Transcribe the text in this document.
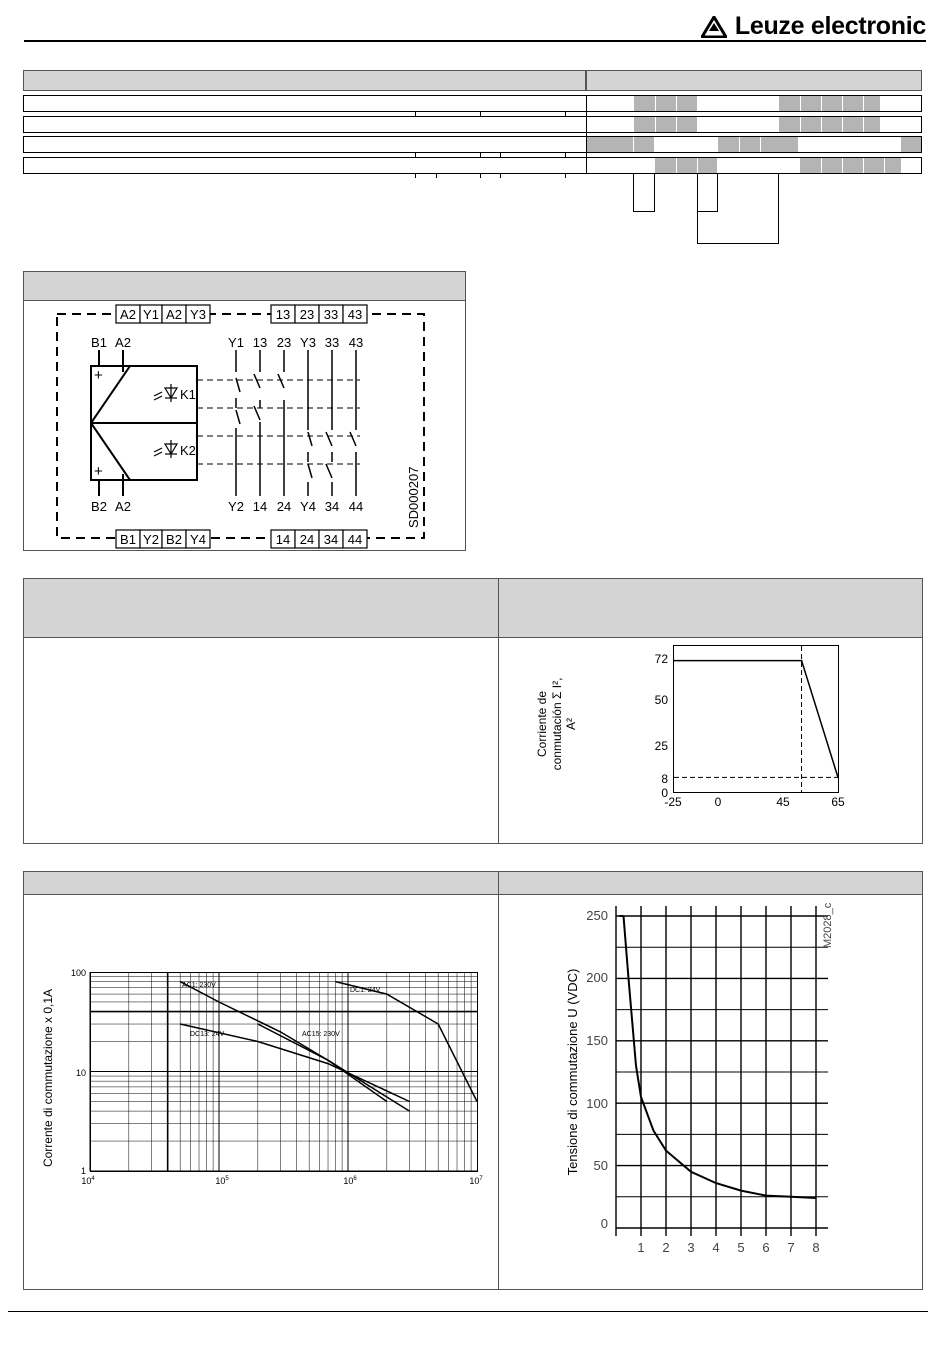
Leuze electronic
A2 Y1 A2 Y3	13 23 33 43
B1 Y2 B2 Y4	14 24 34 44
B1 A2	Y1 13 23 Y3 33 43
B2 A2	Y2 14 24 Y4 34 44
+
+
K1
K2
SD000207
Corriente de conmutación Σ I², A²
72
50
25
8
0
-25	0	45	65
Corrente di commutazione x 0,1A
100
10
1
$10^4$	$10^5$	$10^6$	$10^7$
AC1: 230V
DC1: 24V
DC13: 24V	AC15: 230V	Tensione di commutazione U (VDC)
250
200
150
100
50
0
1 2 3 4 5 6 7 8
M2028_c
